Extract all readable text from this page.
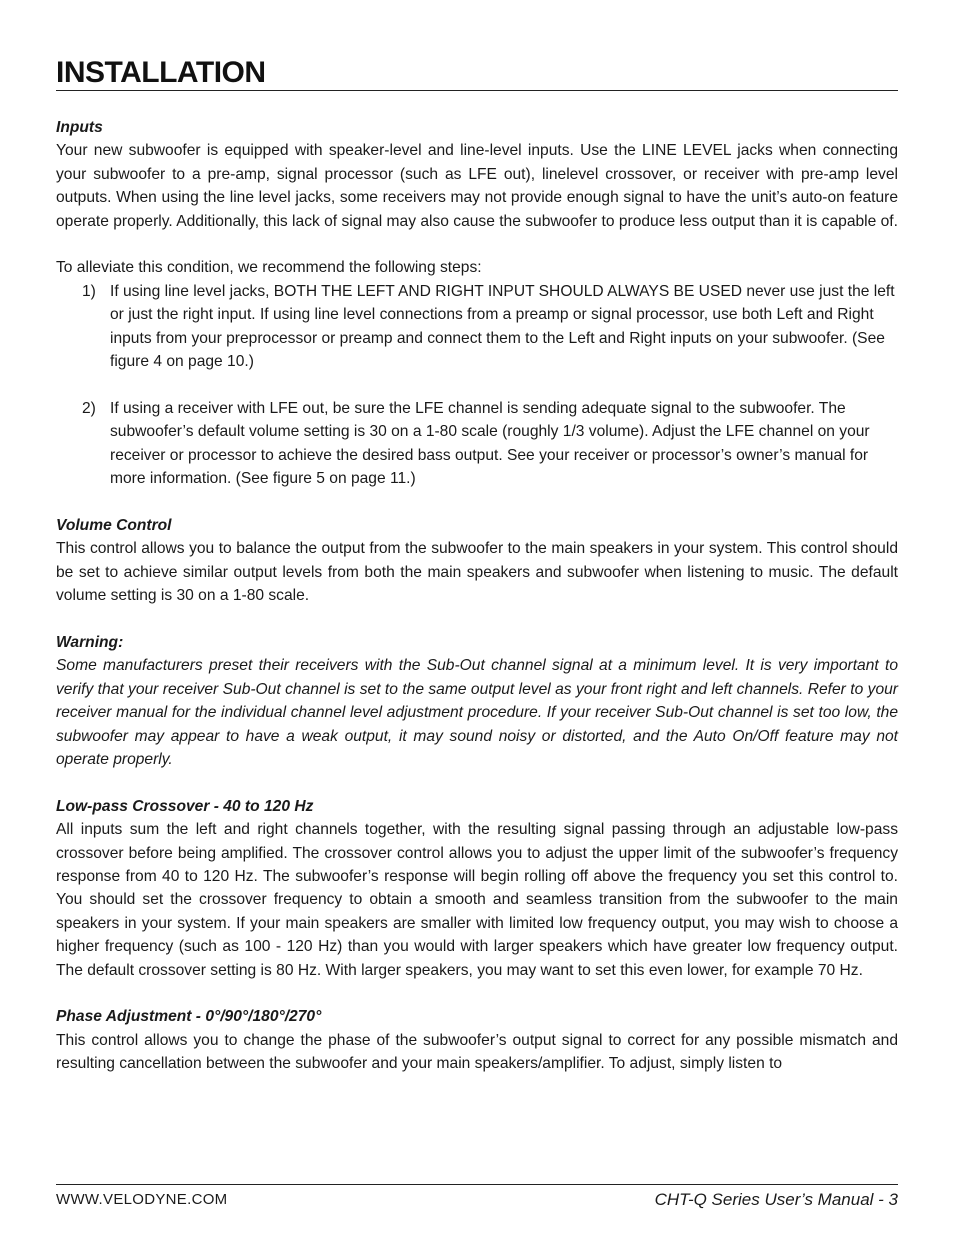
INSTALLATION
Inputs

Your new subwoofer is equipped with speaker-level and line-level inputs. Use the LINE LEVEL jacks when connecting your subwoofer to a pre-amp, signal processor (such as LFE out), linelevel crossover, or receiver with pre-amp level outputs. When using the line level jacks, some receivers may not provide enough signal to have the unit’s auto-on feature operate properly. Additionally, this lack of signal may also cause the subwoofer to produce less output than it is capable of.

To alleviate this condition, we recommend the following steps:

1) If using line level jacks, BOTH THE LEFT AND RIGHT INPUT SHOULD ALWAYS BE USED never use just the left or just the right input. If using line level connections from a preamp or signal processor, use both Left and Right inputs from your preprocessor or preamp and connect them to the Left and Right inputs on your subwoofer. (See figure 4 on page 10.)
2) If using a receiver with LFE out, be sure the LFE channel is sending adequate signal to the subwoofer. The subwoofer’s default volume setting is 30 on a 1-80 scale (roughly 1/3 volume). Adjust the LFE channel on your receiver or processor to achieve the desired bass output. See your receiver or processor’s owner’s manual for more information. (See figure 5 on page 11.)
Volume Control

This control allows you to balance the output from the subwoofer to the main speakers in your system. This control should be set to achieve similar output levels from both the main speakers and subwoofer when listening to music. The default volume setting is 30 on a 1-80 scale.

Warning:

Some manufacturers preset their receivers with the Sub-Out channel signal at a minimum level. It is very important to verify that your receiver Sub-Out channel is set to the same output level as your front right and left channels. Refer to your receiver manual for the individual channel level adjustment procedure. If your receiver Sub-Out channel is set too low, the subwoofer may appear to have a weak output, it may sound noisy or distorted, and the Auto On/Off feature may not operate properly.

Low-pass Crossover - 40 to 120 Hz

All inputs sum the left and right channels together, with the resulting signal passing through an adjustable low-pass crossover before being amplified. The crossover control allows you to adjust the upper limit of the subwoofer’s frequency response from 40 to 120 Hz. The subwoofer’s response will begin rolling off above the frequency you set this control to. You should set the crossover frequency to obtain a smooth and seamless transition from the subwoofer to the main speakers in your system. If your main speakers are smaller with limited low frequency output, you may wish to choose a higher frequency (such as 100 - 120 Hz) than you would with larger speakers which have greater low frequency output. The default crossover setting is 80 Hz. With larger speakers, you may want to set this even lower, for example 70 Hz.

Phase Adjustment - 0°/90°/180°/270°

This control allows you to change the phase of the subwoofer’s output signal to correct for any possible mismatch and resulting cancellation between the subwoofer and your main speakers/amplifier. To adjust, simply listen to

WWW.VELODYNE.COM	CHT-Q Series User’s Manual - 3
